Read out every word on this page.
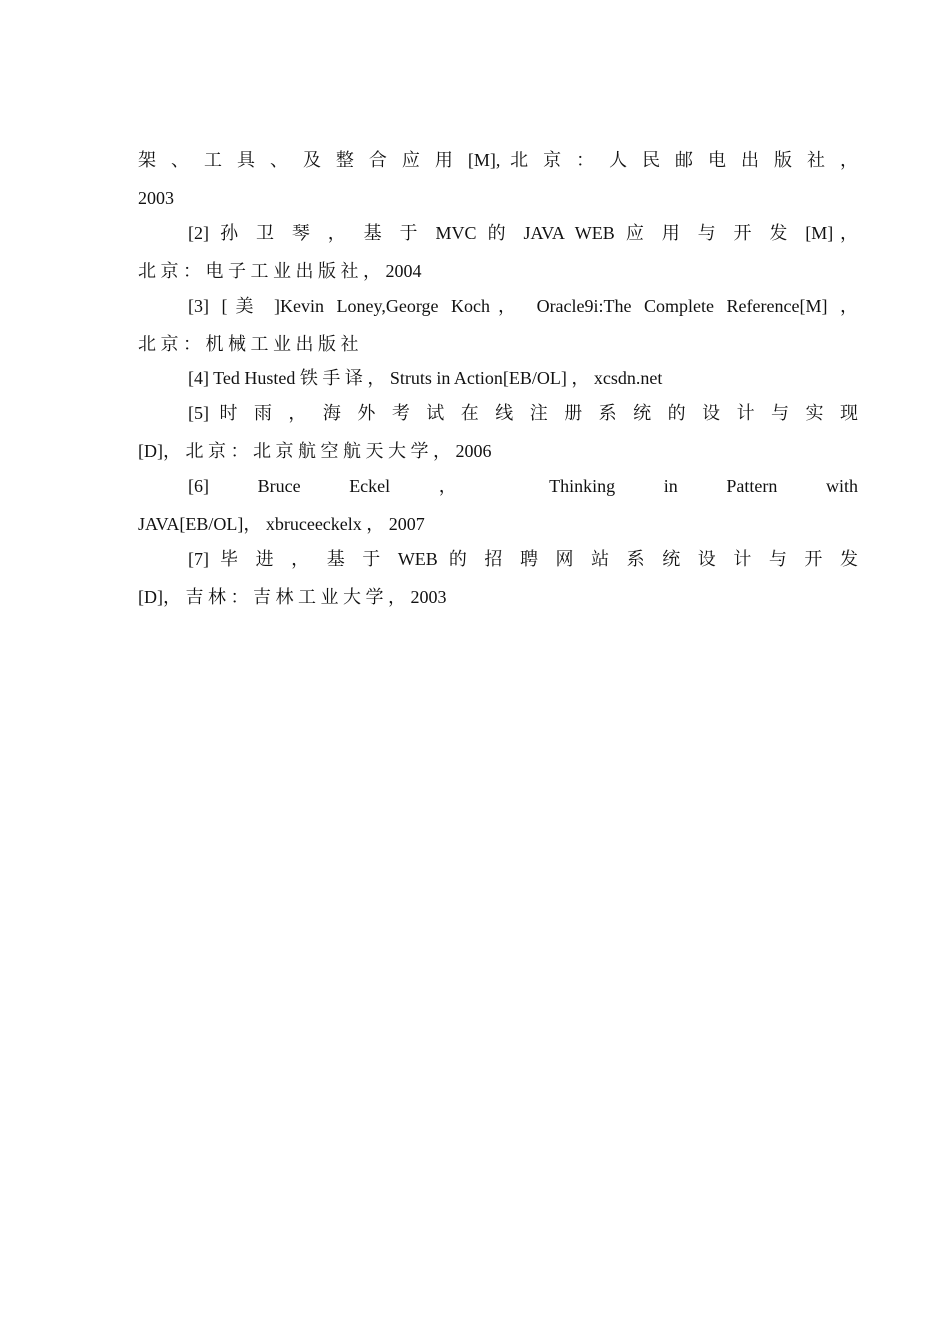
架 、 工 具 、 及 整 合 应 用 [M], 北 京 ： 人 民 邮 电 出 版 社 ，
2003
[2] 孙 卫 琴 ， 基 于 MVC 的 JAVA WEB 应 用 与 开 发 [M]，
北 京 ： 电 子 工 业 出 版 社 ， 2004
[3] [美 ]Kevin Loney,George Koch， Oracle9i:The Complete Reference[M] ，
北 京 ： 机 械 工 业 出 版 社
[4] Ted Husted 铁 手 译 ， Struts in Action[EB/OL] ， xcsdn.net
[5] 时 雨 ， 海 外 考 试 在 线 注 册 系 统 的 设 计 与 实 现
[D]， 北 京 ： 北 京 航 空 航 天 大 学 ， 2006
[6] Bruce Eckel ， Thinking in Pattern with
JAVA[EB/OL]， xbruceeckelx ， 2007
[7] 毕 进 ， 基 于 WEB 的 招 聘 网 站 系 统 设 计 与 开 发
[D]， 吉 林 ： 吉 林 工 业 大 学 ， 2003
